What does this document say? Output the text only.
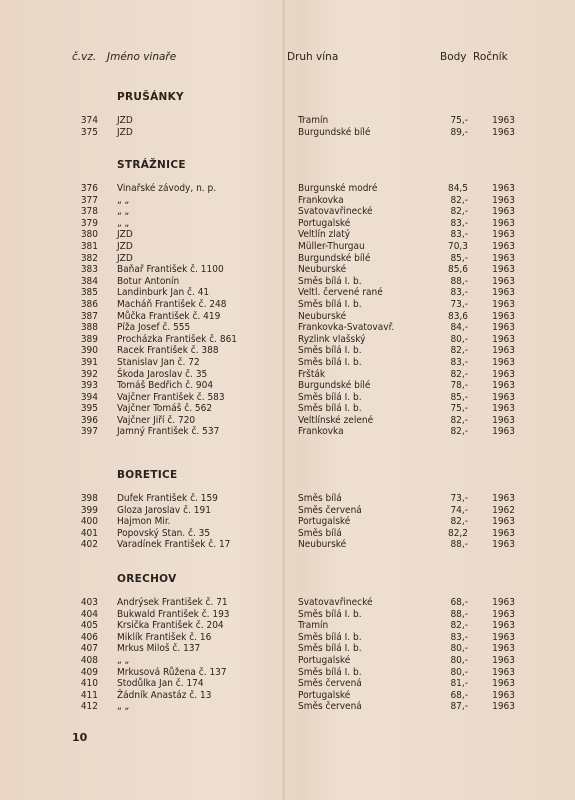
č.vz. Jméno vinaře	Druh vína	Body Ročník
PRUŠÁNKY
374 JZD	Tramín	75,-	1963
375 JZD	Burgundské bílé	89,-	1963
STRÁŽNICE
376 Vinařské závody, n. p.	Burgunské modré	84,5	1963
377 „ „	Frankovka	82,-	1963
378 „ „	Svatovavřinecké	82,-	1963
379 „ „	Portugalské	83,-	1963
380 JZD	Veltlín zlatý	83,-	1963
381 JZD	Müller-Thurgau	70,3	1963
382 JZD	Burgundské bílé	85,-	1963
383 Baňař František č. 1100	Neuburské	85,6	1963
384 Botur Antonín	Směs bílá I. b.	88,-	1963
385 Landinburk Jan č. 41	Veltl. červené rané	83,-	1963
386 Macháň František č. 248	Směs bílá I. b.	73,-	1963
387 Můčka František č. 419	Neuburské	83,6	1963
388 Píža Josef č. 555	Frankovka-Svatovavř.	84,-	1963
389 Procházka František č. 861	Ryzlink vlašský	80,-	1963
390 Racek František č. 388	Směs bílá I. b.	82,-	1963
391 Stanislav Jan č. 72	Směs bílá I. b.	83,-	1963
392 Škoda Jaroslav č. 35	Fršták	82,-	1963
393 Tomáš Bedřich č. 904	Burgundské bílé	78,-	1963
394 Vajčner František č. 583	Směs bílá I. b.	85,-	1963
395 Vajčner Tomáš č. 562	Směs bílá I. b.	75,-	1963
396 Vajčner Jiří č. 720	Veltlínské zelené	82,-	1963
397 Jamný František č. 537	Frankovka	82,-	1963
BORETICE
398 Dufek František č. 159	Směs bílá	73,-	1963
399 Gloza Jaroslav č. 191	Směs červená	74,-	1962
400 Hajmon Mir.	Portugalské	82,-	1963
401 Popovský Stan. č. 35	Směs bílá	82,2	1963
402 Varadínek František č. 17	Neuburské	88,-	1963
ORECHOV
403 Andrýsek František č. 71	Svatovavřinecké	68,-	1963
404 Bukwald František č. 193	Směs bílá I. b.	88,-	1963
405 Krsička František č. 204	Tramín	82,-	1963
406 Miklík František č. 16	Směs bílá I. b.	83,-	1963
407 Mrkus Miloš č. 137	Směs bílá I. b.	80,-	1963
408 „ „	Portugalské	80,-	1963
409 Mrkusová Růžena č. 137	Směs bílá I. b.	80,-	1963
410 Stodůlka Jan č. 174	Směs červená	81,-	1963
411 Žádník Anastáz č. 13	Portugalské	68,-	1963
412 „ „	Směs červená	87,-	1963
10
